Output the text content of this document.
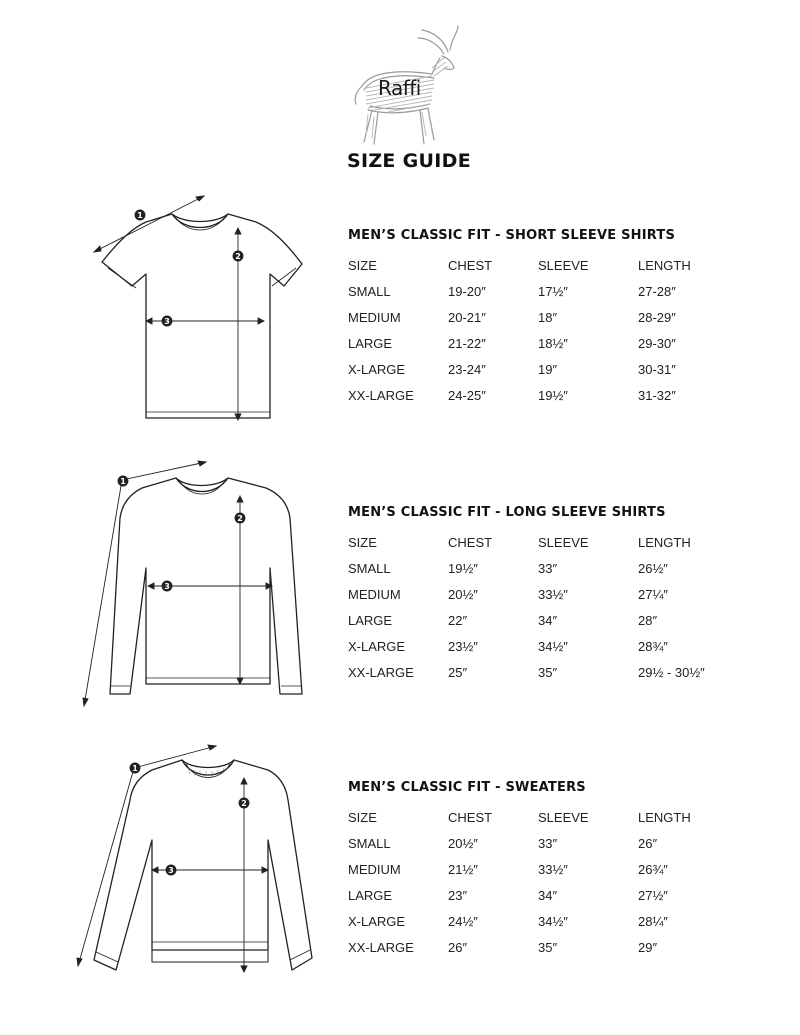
Raffi
SIZE GUIDE
1
2
3
MEN’S CLASSIC FIT - SHORT SLEEVE SHIRTS
SIZE	CHEST	SLEEVE	LENGTH
SMALL	19-20″	17½″	27-28″
MEDIUM	20-21″	18″	28-29″
LARGE	21-22″	18½″	29-30″
X-LARGE	23-24″	19″	30-31″
XX-LARGE	24-25″	19½″	31-32″
1
2
3
MEN’S CLASSIC FIT - LONG SLEEVE SHIRTS
SIZE	CHEST	SLEEVE	LENGTH
SMALL	19½″	33″	26½″
MEDIUM	20½″	33½″	27¼″
LARGE	22″	34″	28″
X-LARGE	23½″	34½″	28¾″
XX-LARGE	25″	35″	29½ - 30½″
1
2
3
MEN’S CLASSIC FIT - SWEATERS
SIZE	CHEST	SLEEVE	LENGTH
SMALL	20½″	33″	26″
MEDIUM	21½″	33½″	26¾″
LARGE	23″	34″	27½″
X-LARGE	24½″	34½″	28¼″
XX-LARGE	26″	35″	29″
